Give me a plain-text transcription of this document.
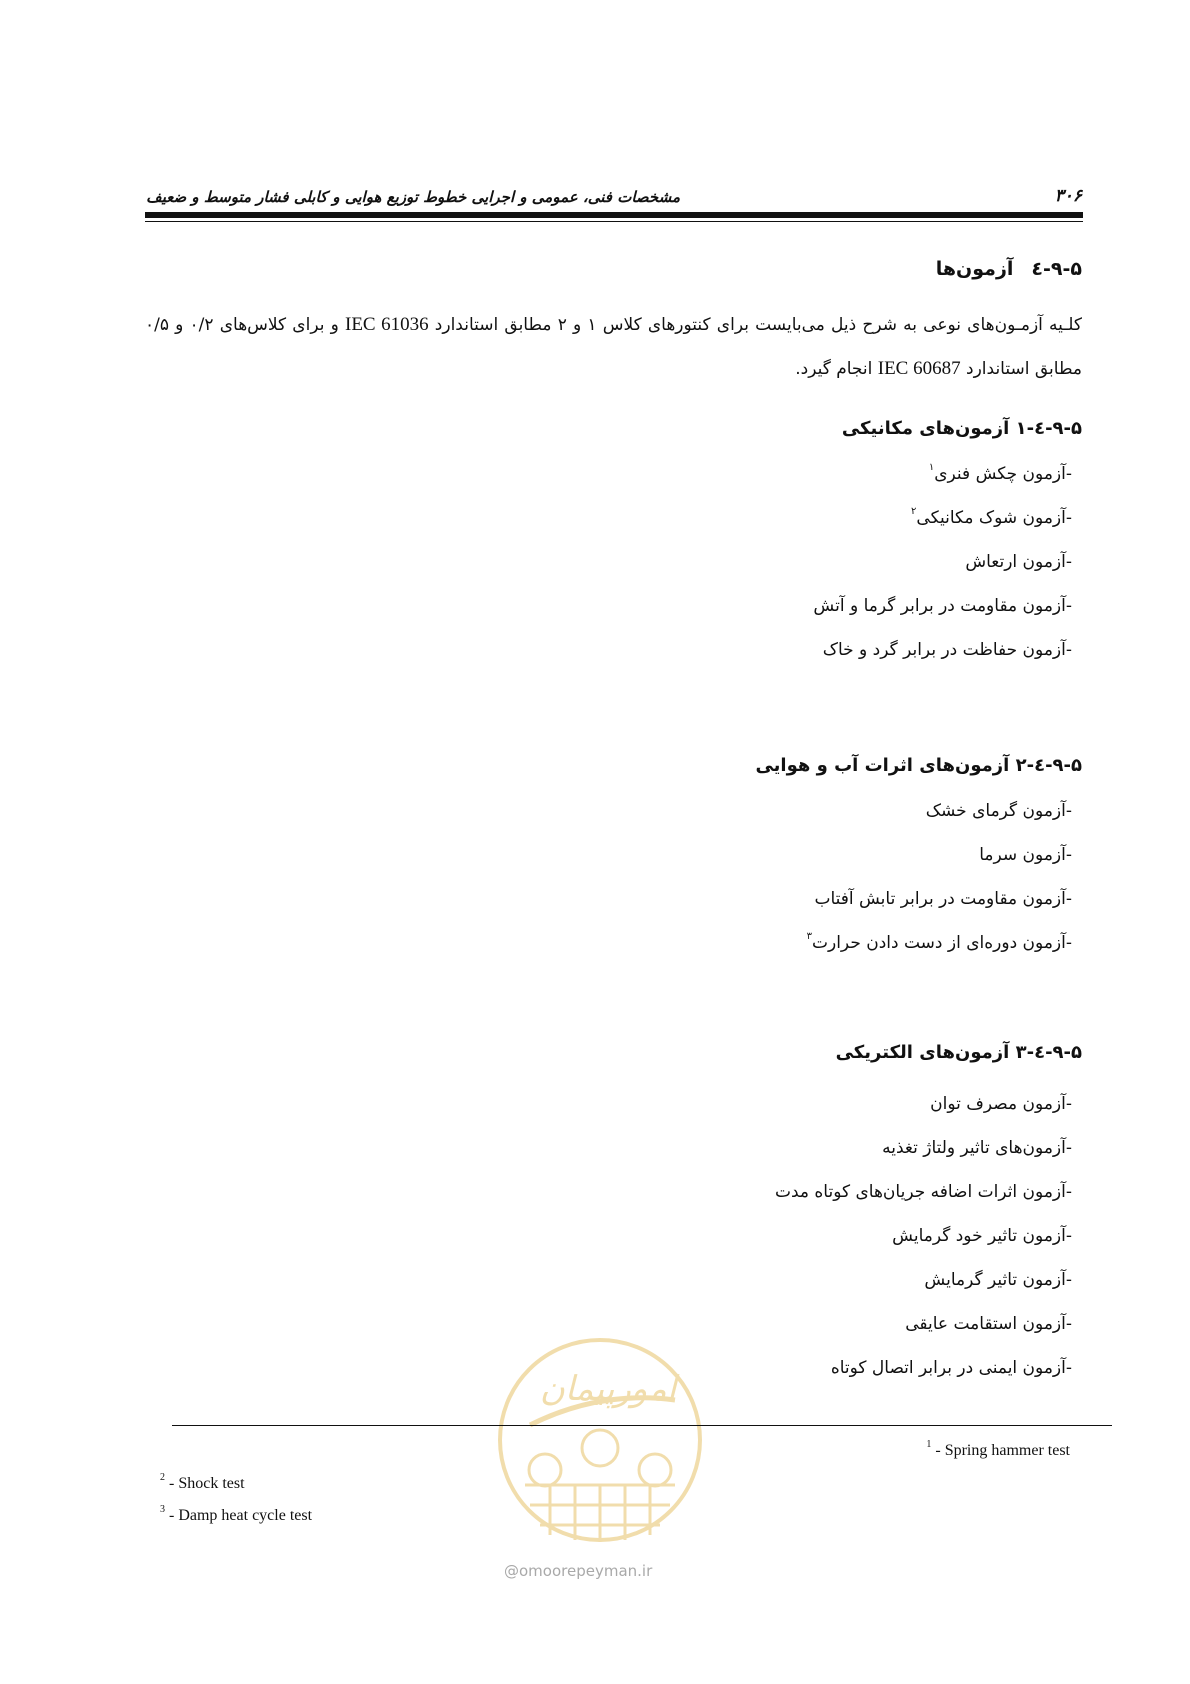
مشخصات فنی، عمومی و اجرایی خطوط توزیع هوایی و کابلی فشار متوسط و ضعیف	۳۰۶
۹-۵-٤آزمون‌ها
کلـیه آزمـون‌های نوعی به شرح ذیل می‌بایست برای کنتورهای کلاس ۱ و ۲ مطابق استاندارد IEC 61036 و برای کلاس‌های ۰/۲ و ۰/۵ مطابق استاندارد IEC 60687 انجام گیرد.
۹-۵-٤-۱ آزمون‌های مکانیکی
-آزمون چکش فنری$^۱$
-آزمون شوک مکانیکی$^۲$
-آزمون ارتعاش
-آزمون مقاومت در برابر گرما و آتش
-آزمون حفاظت در برابر گرد و خاک
۹-۵-٤-۲ آزمون‌های اثرات آب و هوایی
-آزمون گرمای خشک
-آزمون سرما
-آزمون مقاومت در برابر تابش آفتاب
-آزمون دوره‌ای از دست دادن حرارت$^۳$
۹-۵-٤-۳ آزمون‌های الکتریکی
-آزمون مصرف توان
-آزمون‌های تاثیر ولتاژ تغذیه
-آزمون اثرات اضافه جریان‌های کوتاه مدت
-آزمون تاثیر خود گرمایش
-آزمون تاثیر گرمایش
-آزمون استقامت عایقی
-آزمون ایمنی در برابر اتصال کوتاه
امورپیمان
@omoorepeyman.ir
$^1$ - Spring hammer test
$^2$ - Shock test
$^3$ - Damp heat cycle test
